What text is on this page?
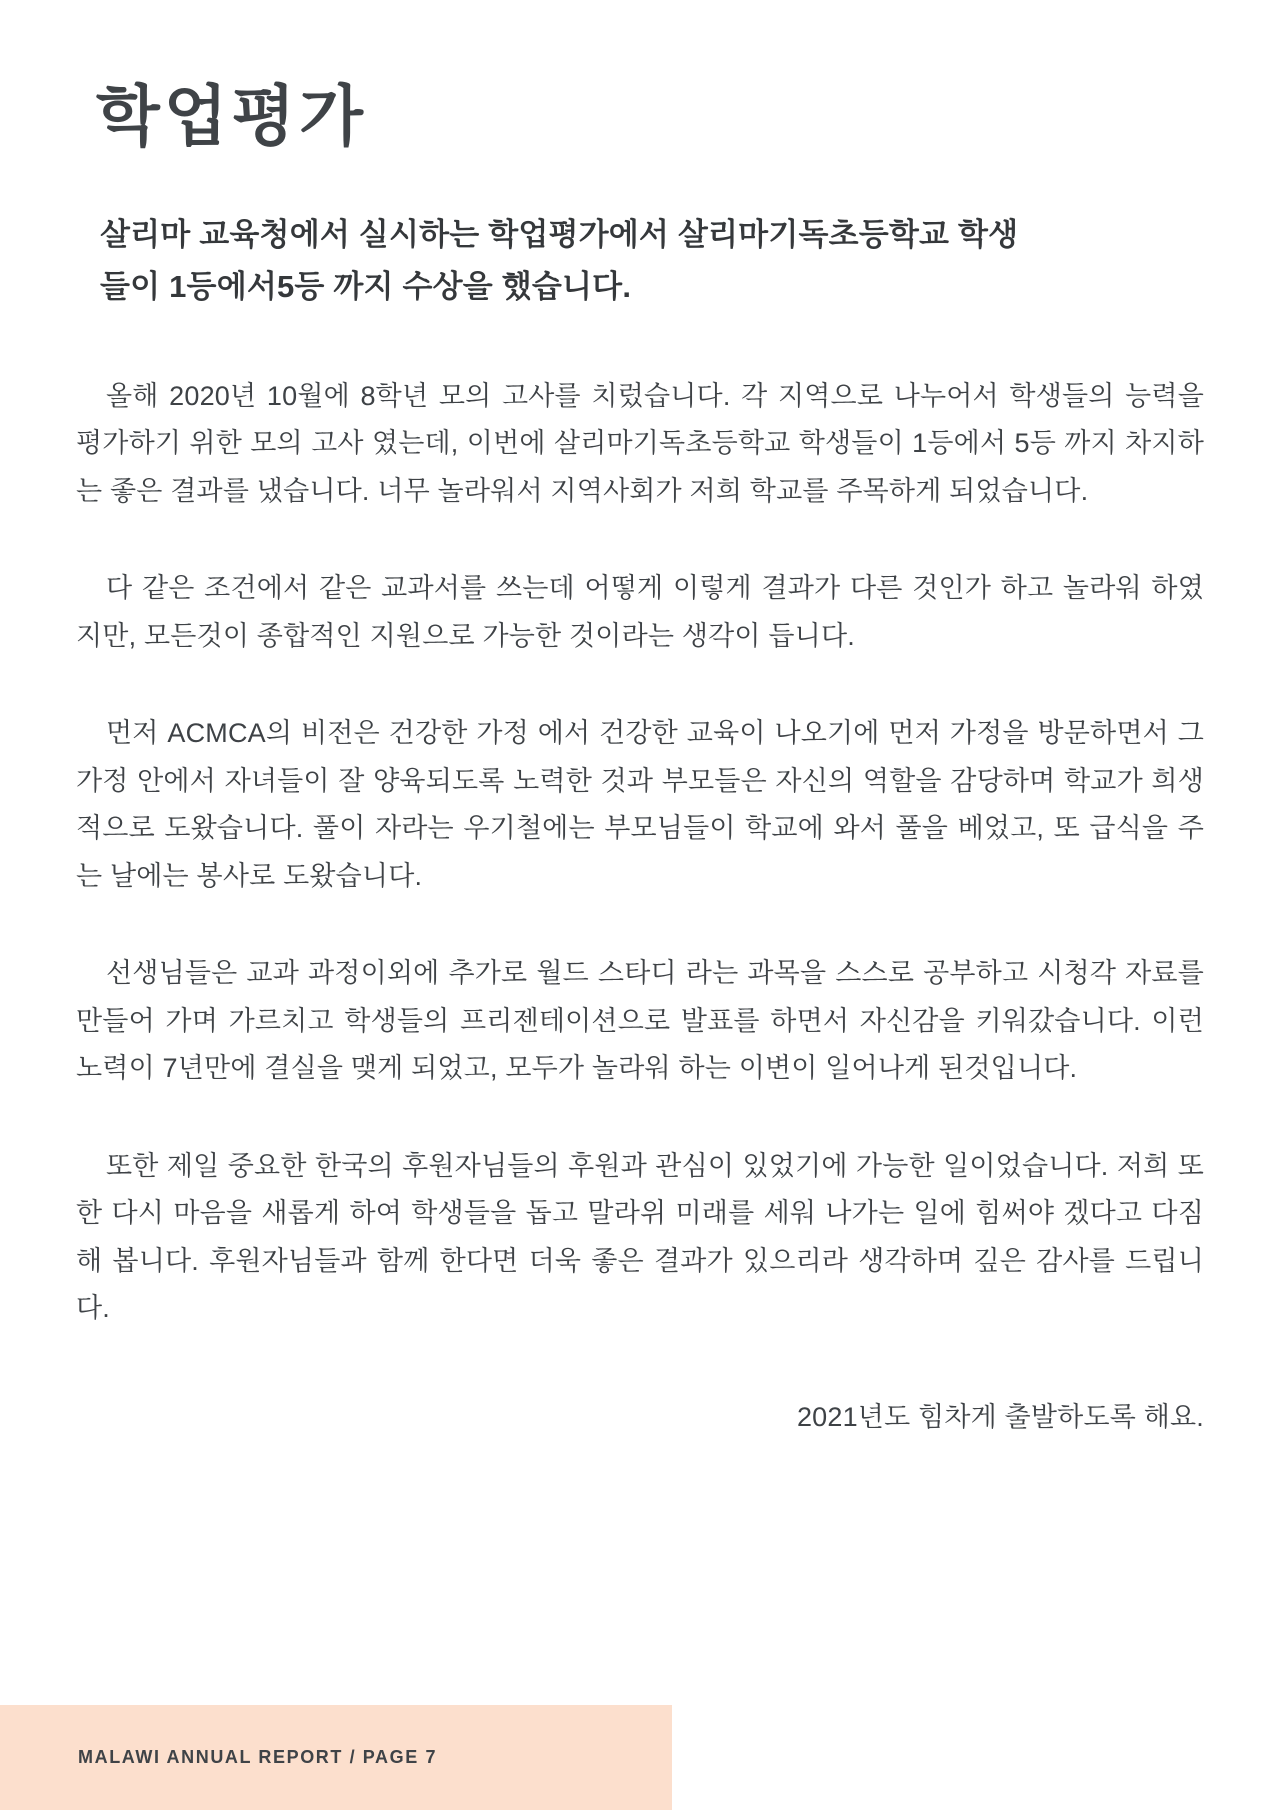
학업평가
살리마 교육청에서 실시하는 학업평가에서 살리마기독초등학교 학생들이 1등에서5등 까지 수상을 했습니다.

올해 2020년 10월에 8학년 모의 고사를 치렀습니다. 각 지역으로 나누어서 학생들의 능력을 평가하기 위한 모의 고사 였는데, 이번에 살리마기독초등학교 학생들이 1등에서 5등 까지 차지하는 좋은 결과를 냈습니다. 너무 놀라워서 지역사회가 저희 학교를 주목하게 되었습니다.

다 같은 조건에서 같은 교과서를 쓰는데 어떻게 이렇게 결과가 다른 것인가 하고 놀라워 하였지만, 모든것이 종합적인 지원으로 가능한 것이라는 생각이 듭니다.

먼저 ACMCA의 비전은 건강한 가정 에서 건강한 교육이 나오기에 먼저 가정을 방문하면서 그가정 안에서 자녀들이 잘 양육되도록 노력한 것과 부모들은 자신의 역할을 감당하며 학교가 희생적으로 도왔습니다. 풀이 자라는 우기철에는 부모님들이 학교에 와서 풀을 베었고, 또 급식을 주는 날에는 봉사로 도왔습니다.

선생님들은 교과 과정이외에 추가로 월드 스타디 라는 과목을 스스로 공부하고 시청각 자료를 만들어 가며 가르치고 학생들의 프리젠테이션으로 발표를 하면서 자신감을 키워갔습니다. 이런 노력이 7년만에 결실을 맺게 되었고, 모두가 놀라워 하는 이변이 일어나게 된것입니다.

또한 제일 중요한 한국의 후원자님들의 후원과 관심이 있었기에 가능한 일이었습니다. 저희 또한 다시 마음을 새롭게 하여 학생들을 돕고 말라위 미래를 세워 나가는 일에 힘써야 겠다고 다짐해 봅니다. 후원자님들과 함께 한다면 더욱 좋은 결과가 있으리라 생각하며 깊은 감사를 드립니다.

2021년도 힘차게 출발하도록 해요.
MALAWI ANNUAL REPORT / PAGE 7
